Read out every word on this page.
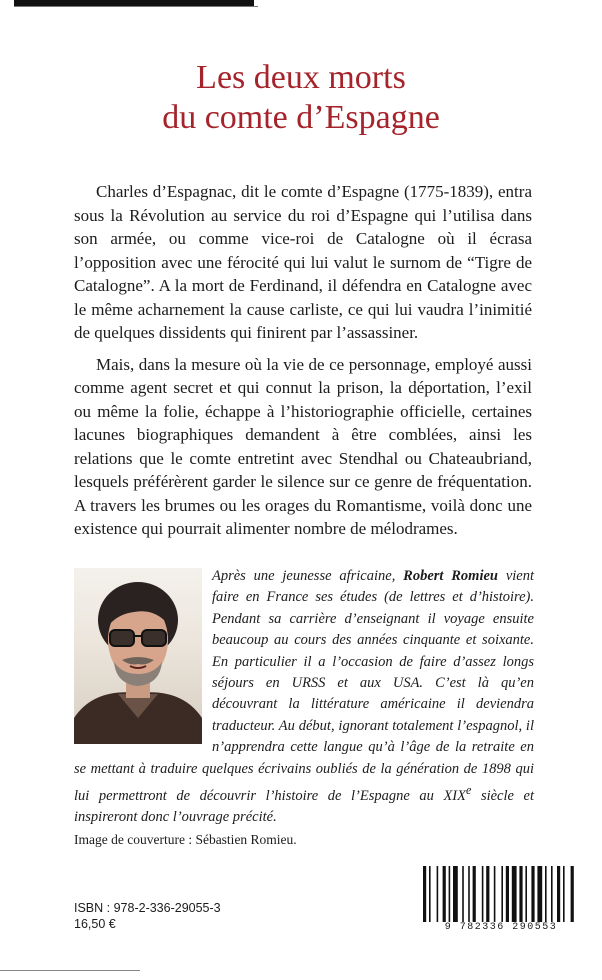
Les deux morts
du comte d’Espagne

Charles d’Espagnac, dit le comte d’Espagne (1775-1839), entra sous la Révolution au service du roi d’Espagne qui l’utilisa dans son armée, ou comme vice-roi de Catalogne où il écrasa l’opposition avec une férocité qui lui valut le surnom de “Tigre de Catalogne”. A la mort de Ferdinand, il défendra en Catalogne avec le même acharnement la cause carliste, ce qui lui vaudra l’inimitié de quelques dissidents qui finirent par l’assassiner.

Mais, dans la mesure où la vie de ce personnage, employé aussi comme agent secret et qui connut la prison, la déportation, l’exil ou même la folie, échappe à l’historiographie officielle, certaines lacunes biographiques demandent à être comblées, ainsi les relations que le comte entretint avec Stendhal ou Chateaubriand, lesquels préférèrent garder le silence sur ce genre de fréquentation. A travers les brumes ou les orages du Romantisme, voilà donc une existence qui pourrait alimenter nombre de mélodrames.

Après une jeunesse africaine, Robert Romieu vient faire en France ses études (de lettres et d’histoire). Pendant sa carrière d’enseignant il voyage ensuite beaucoup au cours des années cinquante et soixante. En particulier il a l’occasion de faire d’assez longs séjours en URSS et aux USA. C’est là qu’en découvrant la littérature américaine il deviendra traducteur. Au début, ignorant totalement l’espagnol, il n’apprendra cette langue qu’à l’âge de la retraite en se mettant à traduire quelques écrivains oubliés de la génération de 1898 qui lui permettront de découvrir l’histoire de l’Espagne au XIXe siècle et inspireront donc l’ouvrage précité.
Image de couverture : Sébastien Romieu.
ISBN : 978-2-336-29055-3
16,50 €	9 782336 290553
